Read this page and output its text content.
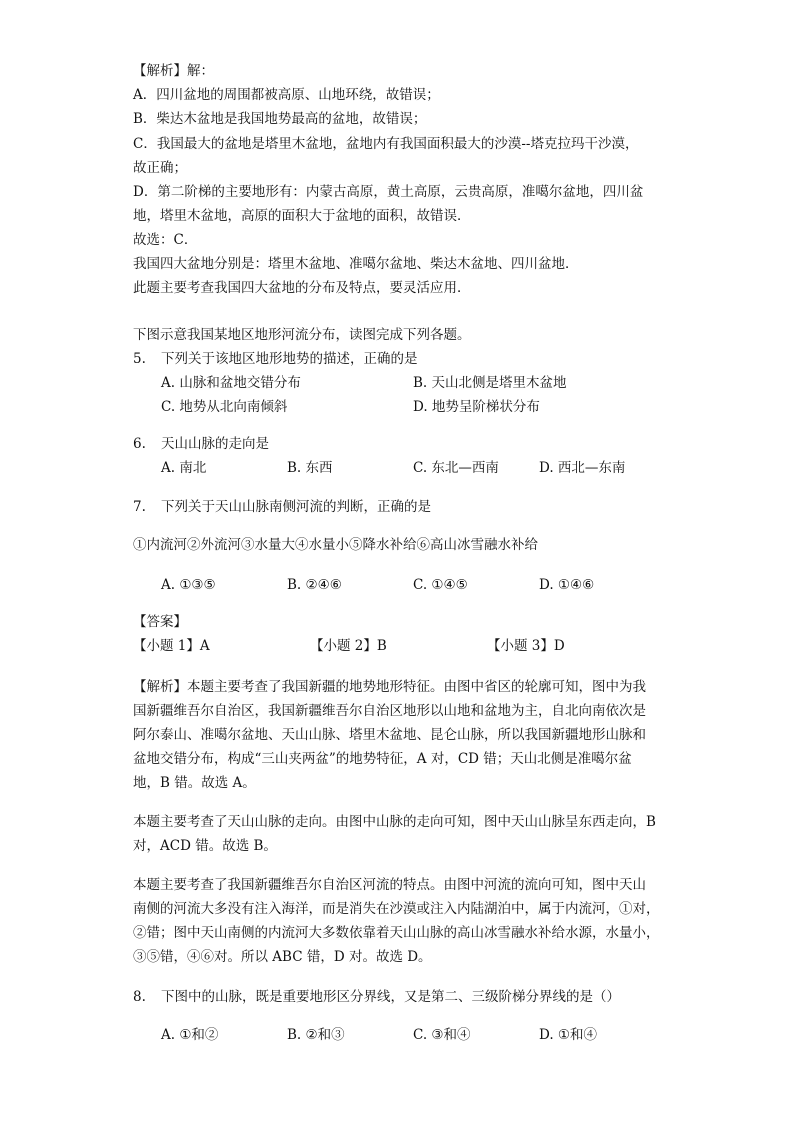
【解析】解：
A．四川盆地的周围都被高原、山地环绕，故错误；
B．柴达木盆地是我国地势最高的盆地，故错误；
C．我国最大的盆地是塔里木盆地，盆地内有我国面积最大的沙漠--塔克拉玛干沙漠，
故正确；
D．第二阶梯的主要地形有：内蒙古高原，黄土高原，云贵高原，准噶尔盆地，四川盆
地，塔里木盆地，高原的面积大于盆地的面积，故错误．
故选：C．
我国四大盆地分别是：塔里木盆地、准噶尔盆地、柴达木盆地、四川盆地．
此题主要考查我国四大盆地的分布及特点，要灵活应用．
下图示意我国某地区地形河流分布，读图完成下列各题。
5. 下列关于该地区地形地势的描述，正确的是
A. 山脉和盆地交错分布	B. 天山北侧是塔里木盆地
C. 地势从北向南倾斜	D. 地势呈阶梯状分布
6. 天山山脉的走向是
A. 南北	B. 东西	C. 东北—西南	D. 西北—东南
7. 下列关于天山山脉南侧河流的判断，正确的是
①内流河②外流河③水量大④水量小⑤降水补给⑥高山冰雪融水补给
A. ①③⑤	B. ②④⑥	C. ①④⑤	D. ①④⑥
【答案】
【小题 1】A	【小题 2】B	【小题 3】D
【解析】本题主要考查了我国新疆的地势地形特征。由图中省区的轮廓可知，图中为我
国新疆维吾尔自治区，我国新疆维吾尔自治区地形以山地和盆地为主，自北向南依次是
阿尔泰山、准噶尔盆地、天山山脉、塔里木盆地、昆仑山脉，所以我国新疆地形山脉和
盆地交错分布，构成“三山夹两盆”的地势特征，A 对，CD 错；天山北侧是准噶尔盆
地，B 错。故选 A。
本题主要考查了天山山脉的走向。由图中山脉的走向可知，图中天山山脉呈东西走向，B
对，ACD 错。故选 B。
本题主要考查了我国新疆维吾尔自治区河流的特点。由图中河流的流向可知，图中天山
南侧的河流大多没有注入海洋，而是消失在沙漠或注入内陆湖泊中，属于内流河，①对，
②错；图中天山南侧的内流河大多数依靠着天山山脉的高山冰雪融水补给水源，水量小，
③⑤错，④⑥对。所以 ABC 错，D 对。故选 D。
8. 下图中的山脉，既是重要地形区分界线，又是第二、三级阶梯分界线的是（）
A. ①和②	B. ②和③	C. ③和④	D. ①和④
